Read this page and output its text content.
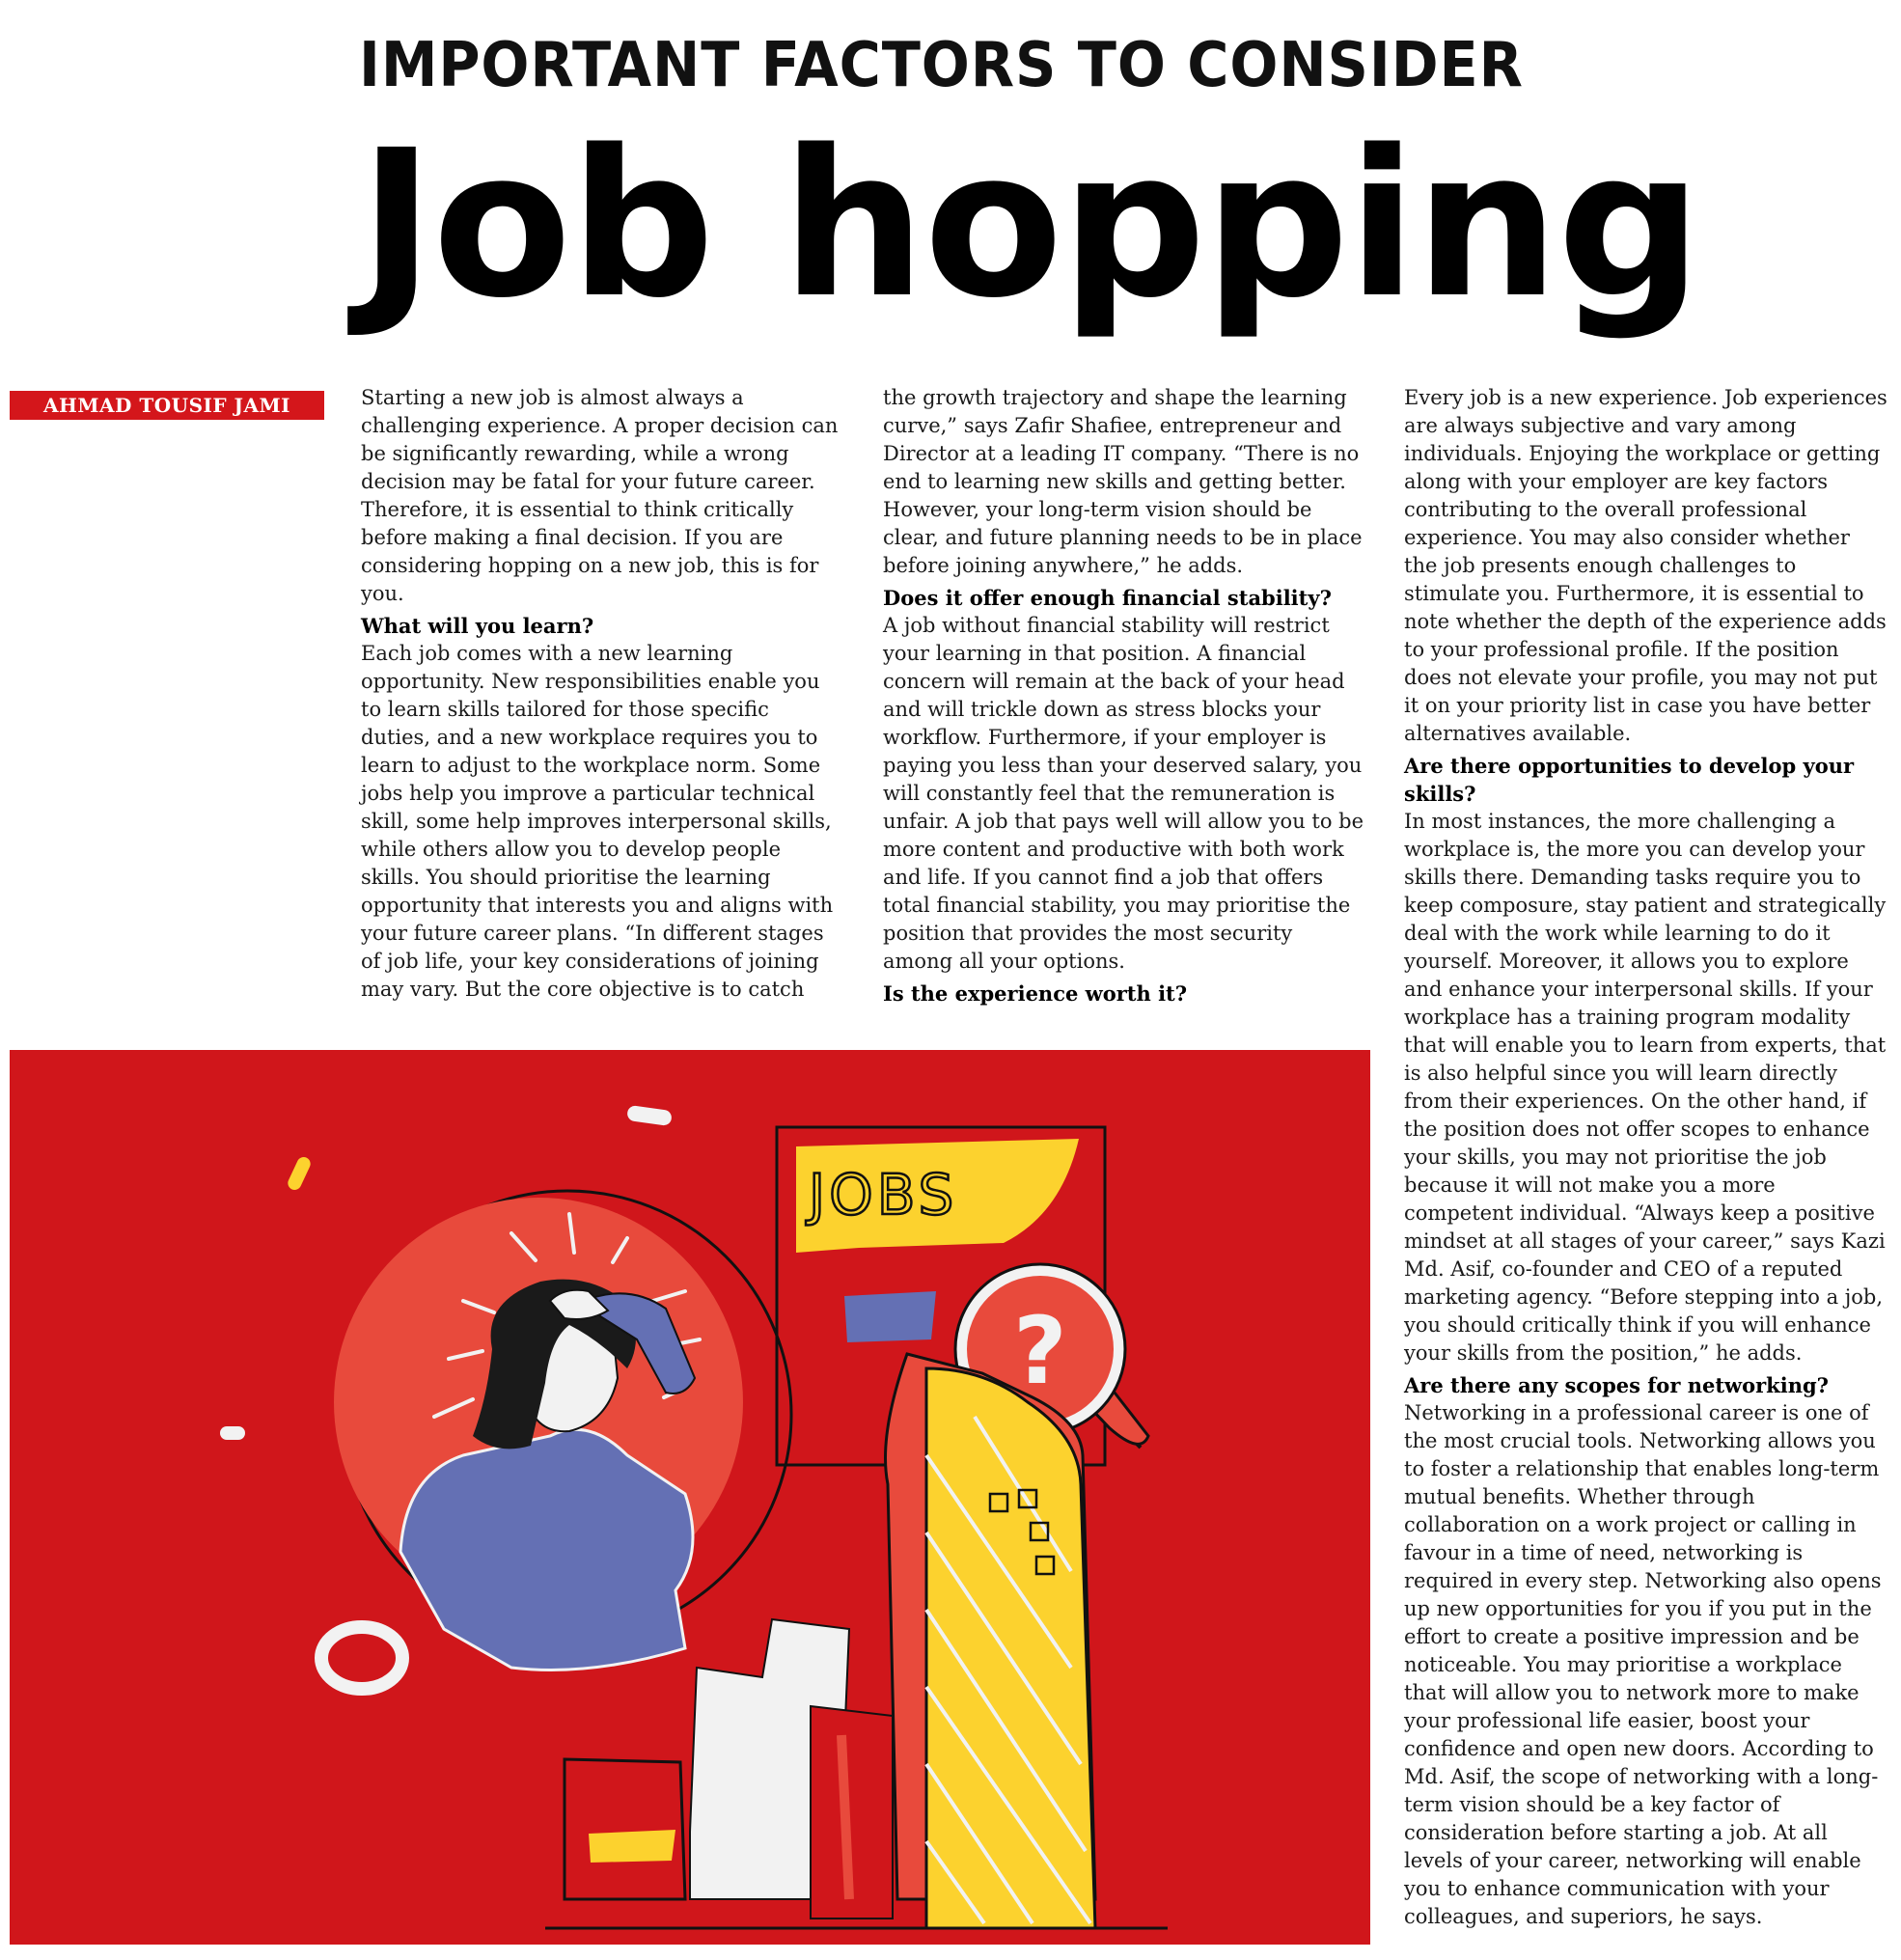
IMPORTANT FACTORS TO CONSIDER
Job hopping
AHMAD TOUSIF JAMI	Starting a new job is almost always a challenging experience. A proper decision can be significantly rewarding, while a wrong decision may be fatal for your future career. Therefore, it is essential to think critically before making a final decision. If you are considering hopping on a new job, this is for you.

What will you learn?

Each job comes with a new learning opportunity. New responsibilities enable you to learn skills tailored for those specific duties, and a new workplace requires you to learn to adjust to the workplace norm. Some jobs help you improve a particular technical skill, some help improves interpersonal skills, while others allow you to develop people skills. You should prioritise the learning opportunity that interests you and aligns with your future career plans. “In different stages of job life, your key considerations of joining may vary. But the core objective is to catch

the growth trajectory and shape the learning curve,” says Zafir Shafiee, entrepreneur and Director at a leading IT company. “There is no end to learning new skills and getting better. However, your long-term vision should be clear, and future planning needs to be in place before joining anywhere,” he adds.

Does it offer enough financial stability?

A job without financial stability will restrict your learning in that position. A financial concern will remain at the back of your head and will trickle down as stress blocks your workflow. Furthermore, if your employer is paying you less than your deserved salary, you will constantly feel that the remuneration is unfair. A job that pays well will allow you to be more content and productive with both work and life. If you cannot find a job that offers total financial stability, you may prioritise the position that provides the most security among all your options.

Is the experience worth it?

Every job is a new experience. Job experiences are always subjective and vary among individuals. Enjoying the workplace or getting along with your employer are key factors contributing to the overall professional experience. You may also consider whether the job presents enough challenges to stimulate you. Furthermore, it is essential to note whether the depth of the experience adds to your professional profile. If the position does not elevate your profile, you may not put it on your priority list in case you have better alternatives available.

Are there opportunities to develop your skills?

In most instances, the more challenging a workplace is, the more you can develop your skills there. Demanding tasks require you to keep composure, stay patient and strategically deal with the work while learning to do it yourself. Moreover, it allows you to explore and enhance your interpersonal skills. If your workplace has a training program modality that will enable you to learn from experts, that is also helpful since you will learn directly from their experiences. On the other hand, if the position does not offer scopes to enhance your skills, you may not prioritise the job because it will not make you a more competent individual. “Always keep a positive mindset at all stages of your career,” says Kazi Md. Asif, co-founder and CEO of a reputed marketing agency. “Before stepping into a job, you should critically think if you will enhance your skills from the position,” he adds.

Are there any scopes for networking?

Networking in a professional career is one of the most crucial tools. Networking allows you to foster a relationship that enables long-term mutual benefits. Whether through collaboration on a work project or calling in favour in a time of need, networking is required in every step. Networking also opens up new opportunities for you if you put in the effort to create a positive impression and be noticeable. You may prioritise a workplace that will allow you to network more to make your professional life easier, boost your confidence and open new doors. According to Md. Asif, the scope of networking with a long-term vision should be a key factor of consideration before starting a job. At all levels of your career, networking will enable you to enhance communication with your colleagues, and superiors, he says.

JOBS
?
